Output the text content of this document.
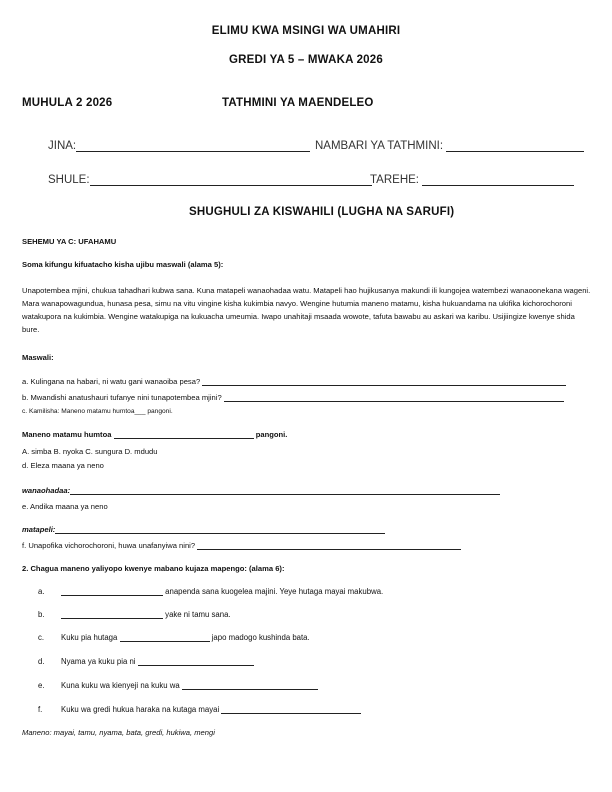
ELIMU KWA MSINGI WA UMAHIRI
GREDI YA 5 – MWAKA 2026
MUHULA 2 2026	TATHMINI YA MAENDELEO
JINA:	NAMBARI YA TATHMINI:
SHULE:	TAREHE:
SHUGHULI ZA KISWAHILI (LUGHA NA SARUFI)
SEHEMU YA C: UFAHAMU
Soma kifungu kifuatacho kisha ujibu maswali (alama 5):
Unapotembea mjini, chukua tahadhari kubwa sana. Kuna matapeli wanaohadaa watu. Matapeli hao hujikusanya makundi ili kungojea watembezi wanaoonekana wageni. Mara wanapowagundua, hunasa pesa, simu na vitu vingine kisha kukimbia navyo. Wengine hutumia maneno matamu, kisha hukuandama na ukifika kichorochoroni watakupora na kukimbia. Wengine watakupiga na kukuacha umeumia. Iwapo unahitaji msaada wowote, tafuta bawabu au askari wa karibu. Usijiingize kwenye shida bure.
Maswali:
a. Kulingana na habari, ni watu gani wanaoiba pesa?
b. Mwandishi anatushauri tufanye nini tunapotembea mjini?
c. Kamilisha: Maneno matamu humtoa___ pangoni.
Maneno matamu humtoa	pangoni.
A. simba B. nyoka C. sungura D. mdudu
d. Eleza maana ya neno
wanaohadaa:
e. Andika maana ya neno
matapeli:
f. Unapofika vichorochoroni, huwa unafanyiwa nini?
2. Chagua maneno yaliyopo kwenye mabano kujaza mapengo: (alama 6):
a.	anapenda sana kuogelea majini. Yeye hutaga mayai makubwa.
b.	yake ni tamu sana.
c. Kuku pia hutaga	japo madogo kushinda bata.
d. Nyama ya kuku pia ni
e. Kuna kuku wa kienyeji na kuku wa
f. Kuku wa gredi hukua haraka na kutaga mayai
Maneno: mayai, tamu, nyama, bata, gredi, hukiwa, mengi
